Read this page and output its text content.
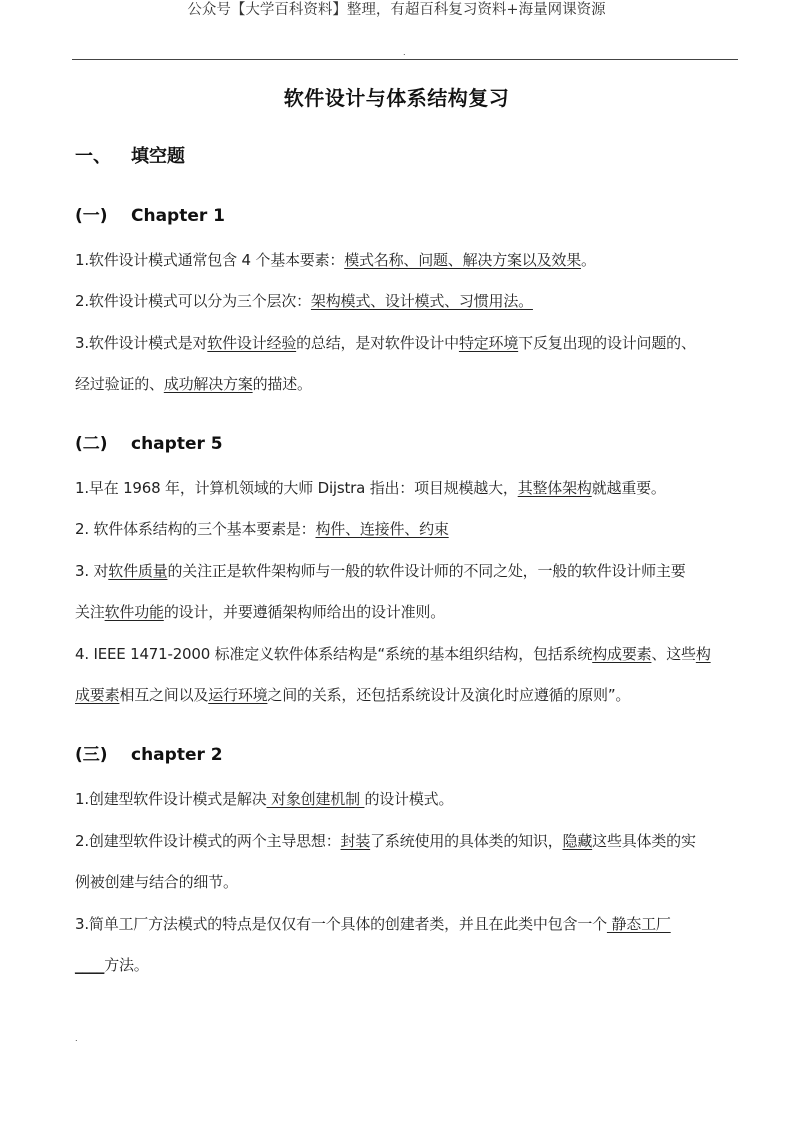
公众号【大学百科资料】整理，有超百科复习资料+海量网课资源
.
软件设计与体系结构复习
一、 填空题
(一) Chapter 1
1.软件设计模式通常包含 4 个基本要素：模式名称、问题、解决方案以及效果。
2.软件设计模式可以分为三个层次：架构模式、设计模式、习惯用法。
3.软件设计模式是对软件设计经验的总结，是对软件设计中特定环境下反复出现的设计问题的、
经过验证的、成功解决方案的描述。
(二) chapter 5
1.早在 1968 年，计算机领域的大师 Dijstra 指出：项目规模越大，其整体架构就越重要。
2. 软件体系结构的三个基本要素是：构件、连接件、约束
3. 对软件质量的关注正是软件架构师与一般的软件设计师的不同之处，一般的软件设计师主要
关注软件功能的设计，并要遵循架构师给出的设计准则。
4. IEEE 1471-2000 标准定义软件体系结构是“系统的基本组织结构，包括系统构成要素、这些构
成要素相互之间以及运行环境之间的关系，还包括系统设计及演化时应遵循的原则”。
(三) chapter 2
1.创建型软件设计模式是解决 对象创建机制 的设计模式。
2.创建型软件设计模式的两个主导思想：封装了系统使用的具体类的知识，隐藏这些具体类的实
例被创建与结合的细节。
3.简单工厂方法模式的特点是仅仅有一个具体的创建者类，并且在此类中包含一个 静态工厂
____方法。
.
